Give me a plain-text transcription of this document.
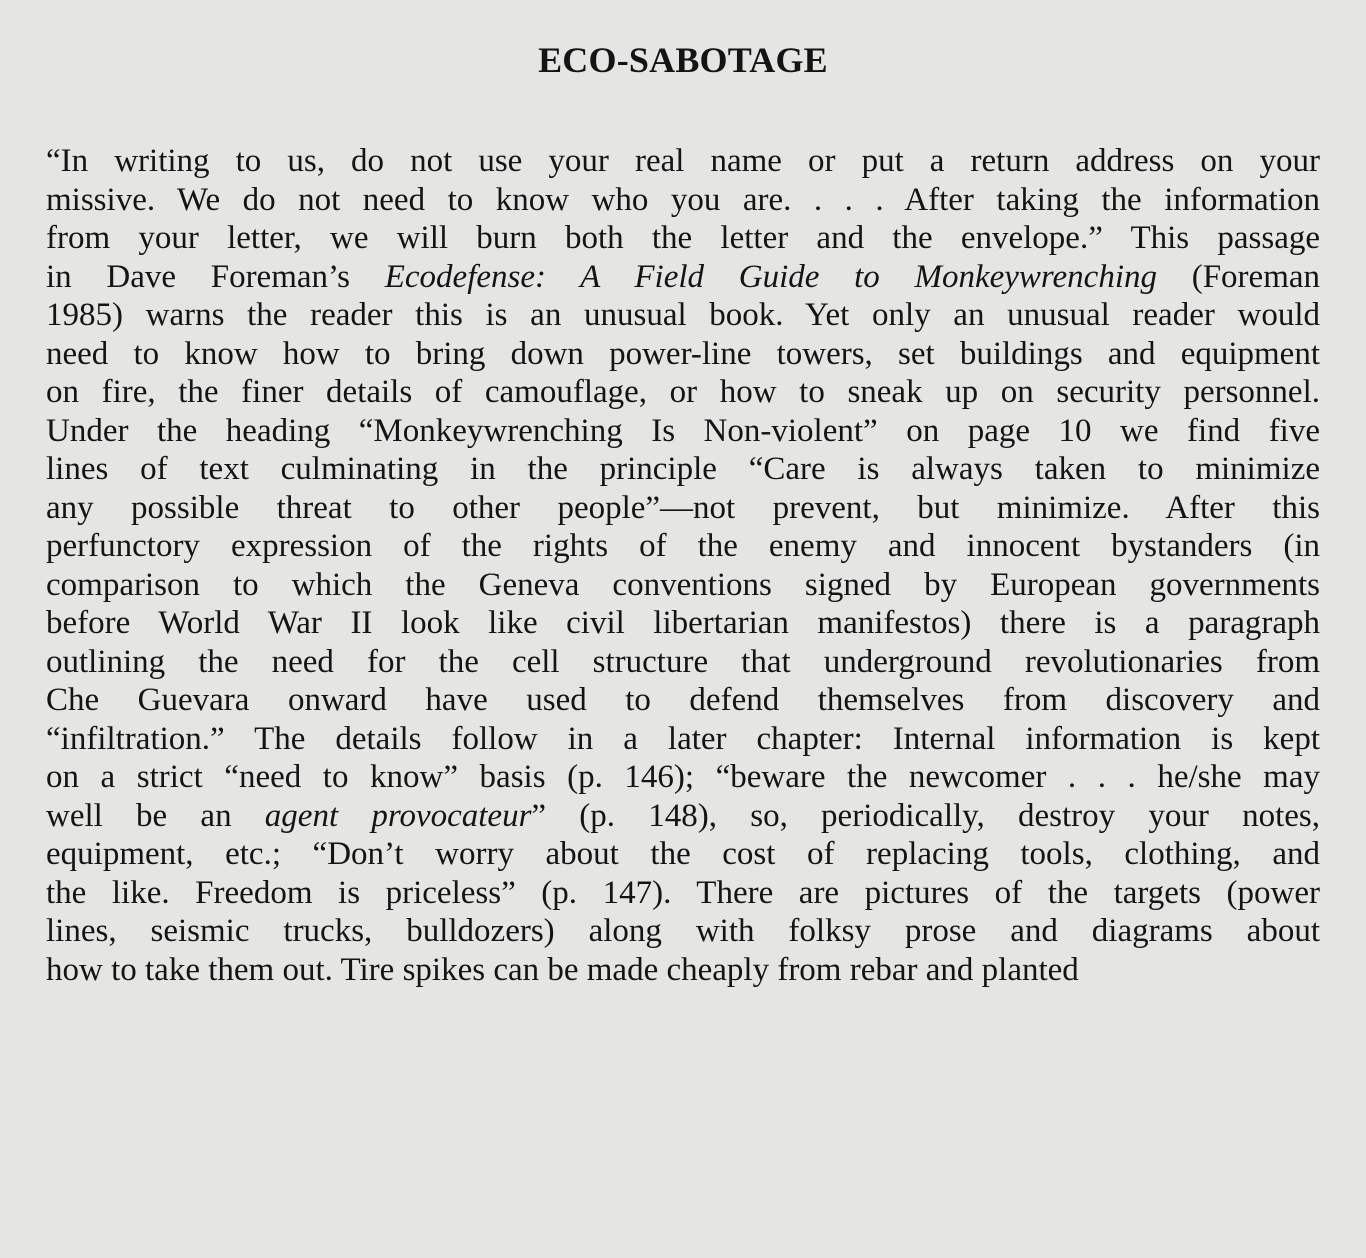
ECO-SABOTAGE
“In writing to us, do not use your real name or put a return address on your
missive. We do not need to know who you are. . . . After taking the information
from your letter, we will burn both the letter and the envelope.” This passage
in Dave Foreman’s Ecodefense: A Field Guide to Monkeywrenching (Foreman
1985) warns the reader this is an unusual book. Yet only an unusual reader would
need to know how to bring down power-line towers, set buildings and equipment
on fire, the finer details of camouflage, or how to sneak up on security personnel.
Under the heading “Monkeywrenching Is Non-violent” on page 10 we find five
lines of text culminating in the principle “Care is always taken to minimize
any possible threat to other people”—not prevent, but minimize. After this
perfunctory expression of the rights of the enemy and innocent bystanders (in
comparison to which the Geneva conventions signed by European governments
before World War II look like civil libertarian manifestos) there is a paragraph
outlining the need for the cell structure that underground revolutionaries from
Che Guevara onward have used to defend themselves from discovery and
“infiltration.” The details follow in a later chapter: Internal information is kept
on a strict “need to know” basis (p. 146); “beware the newcomer . . . he/she may
well be an agent provocateur” (p. 148), so, periodically, destroy your notes,
equipment, etc.; “Don’t worry about the cost of replacing tools, clothing, and
the like. Freedom is priceless” (p. 147). There are pictures of the targets (power
lines, seismic trucks, bulldozers) along with folksy prose and diagrams about
how to take them out. Tire spikes can be made cheaply from rebar and planted
